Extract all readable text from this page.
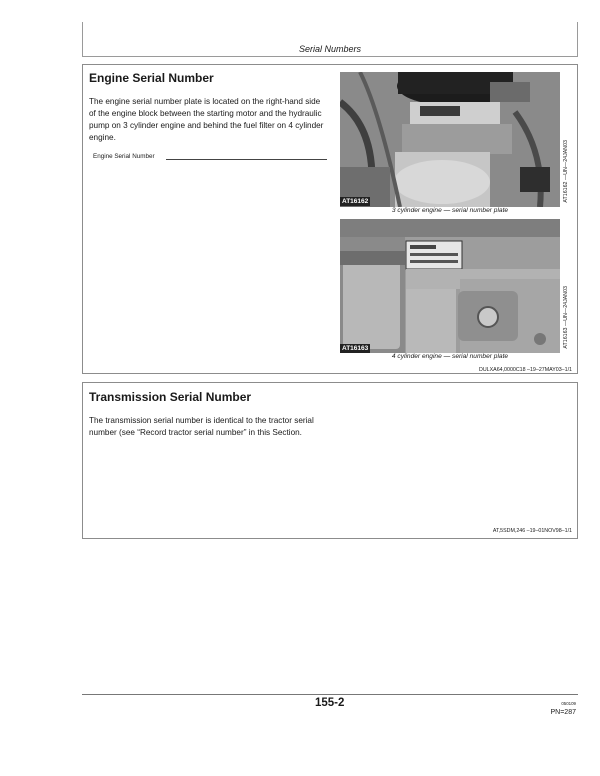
Serial Numbers
Engine Serial Number

The engine serial number plate is located on the right-hand side of the engine block between the starting motor and the hydraulic pump on 3 cylinder engine and behind the fuel filter on 4 cylinder engine.

Engine Serial Number
AT16162	AT16162 —UN—24JAN03
3 cylinder engine — serial number plate
AT16163	AT16163 —UN—24JAN03
4 cylinder engine — serial number plate
DULXA64,0000C18 –19–27MAY03–1/1
Transmission Serial Number

The transmission serial number is identical to the tractor serial number (see “Record tractor serial number” in this Section.

AT,5SDM,246 –19–01NOV98–1/1
155-2	050109
PN=287
